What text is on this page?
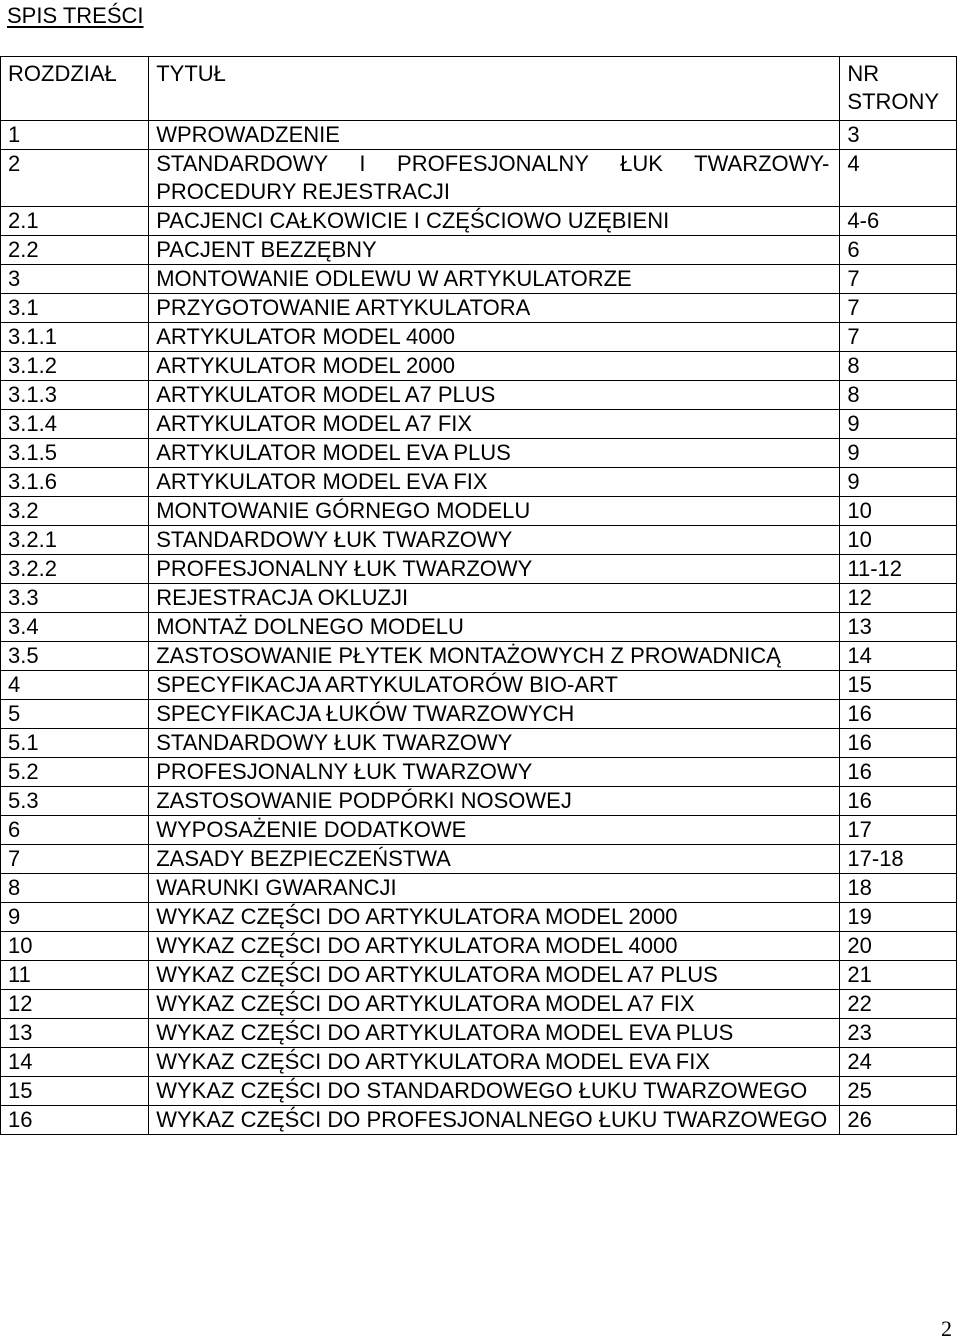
SPIS TREŚCI
ROZDZIAŁ	TYTUŁ	NR STRONY
1	WPROWADZENIE	3
2	STANDARDOWY I PROFESJONALNY ŁUK TWARZOWY- PROCEDURY REJESTRACJI	4
2.1	PACJENCI CAŁKOWICIE I CZĘŚCIOWO UZĘBIENI	4-6
2.2	PACJENT BEZZĘBNY	6
3	MONTOWANIE ODLEWU W ARTYKULATORZE	7
3.1	PRZYGOTOWANIE ARTYKULATORA	7
3.1.1	ARTYKULATOR MODEL 4000	7
3.1.2	ARTYKULATOR MODEL 2000	8
3.1.3	ARTYKULATOR MODEL A7 PLUS	8
3.1.4	ARTYKULATOR MODEL A7 FIX	9
3.1.5	ARTYKULATOR MODEL EVA PLUS	9
3.1.6	ARTYKULATOR MODEL EVA FIX	9
3.2	MONTOWANIE GÓRNEGO MODELU	10
3.2.1	STANDARDOWY ŁUK TWARZOWY	10
3.2.2	PROFESJONALNY ŁUK TWARZOWY	11-12
3.3	REJESTRACJA OKLUZJI	12
3.4	MONTAŻ DOLNEGO MODELU	13
3.5	ZASTOSOWANIE PŁYTEK MONTAŻOWYCH Z PROWADNICĄ	14
4	SPECYFIKACJA ARTYKULATORÓW BIO-ART	15
5	SPECYFIKACJA ŁUKÓW TWARZOWYCH	16
5.1	STANDARDOWY ŁUK TWARZOWY	16
5.2	PROFESJONALNY ŁUK TWARZOWY	16
5.3	ZASTOSOWANIE PODPÓRKI NOSOWEJ	16
6	WYPOSAŻENIE DODATKOWE	17
7	ZASADY BEZPIECZEŃSTWA	17-18
8	WARUNKI GWARANCJI	18
9	WYKAZ CZĘŚCI DO ARTYKULATORA MODEL 2000	19
10	WYKAZ CZĘŚCI DO ARTYKULATORA MODEL 4000	20
11	WYKAZ CZĘŚCI DO ARTYKULATORA MODEL A7 PLUS	21
12	WYKAZ CZĘŚCI DO ARTYKULATORA MODEL A7 FIX	22
13	WYKAZ CZĘŚCI DO ARTYKULATORA MODEL EVA PLUS	23
14	WYKAZ CZĘŚCI DO ARTYKULATORA MODEL EVA FIX	24
15	WYKAZ CZĘŚCI DO STANDARDOWEGO ŁUKU TWARZOWEGO	25
16	WYKAZ CZĘŚCI DO PROFESJONALNEGO ŁUKU TWARZOWEGO	26
2
